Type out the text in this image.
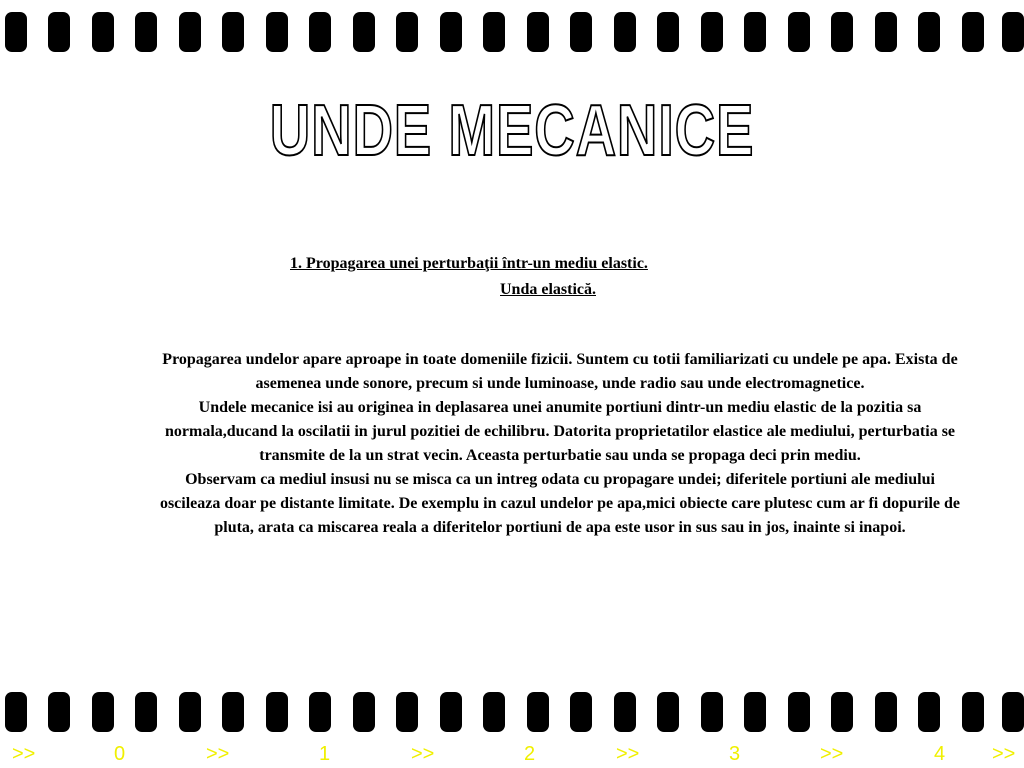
UNDE MECANICE
1. Propagarea unei perturbaţii într-un mediu elastic.
Unda elastică.

Propagarea undelor apare aproape in toate domeniile fizicii. Suntem cu totii familiarizati cu undele pe apa. Exista de asemenea unde sonore, precum si unde luminoase, unde radio sau unde electromagnetice.

Undele mecanice isi au originea in deplasarea unei anumite portiuni dintr-un mediu elastic de la pozitia sa normala,ducand la oscilatii in jurul pozitiei de echilibru. Datorita proprietatilor elastice ale mediului, perturbatia se transmite de la un strat vecin. Aceasta perturbatie sau unda se propaga deci prin mediu.

Observam ca mediul insusi nu se misca ca un intreg odata cu propagare undei; diferitele portiuni ale mediului oscileaza doar pe distante limitate. De exemplu in cazul undelor pe apa,mici obiecte care plutesc cum ar fi dopurile de pluta, arata ca miscarea reala a diferitelor portiuni de apa este usor in sus sau in jos, inainte si inapoi.

>>	0	>>	1	>>	2	>>	3	>>	4 >>
